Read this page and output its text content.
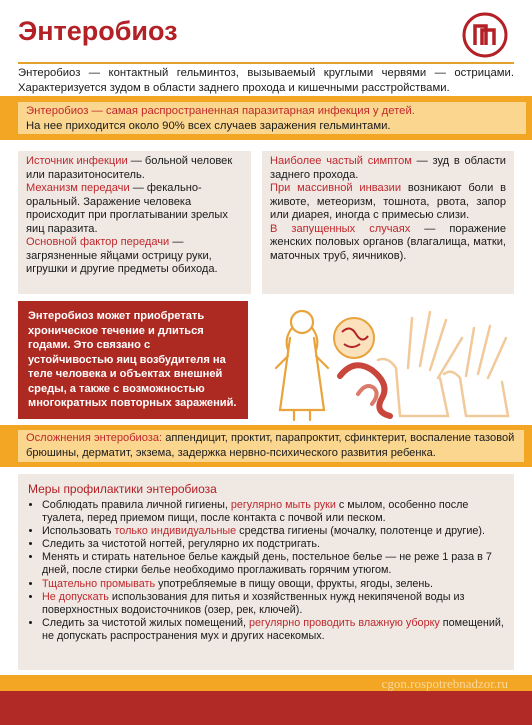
Энтеробиоз

Энтеробиоз — контактный гельминтоз, вызываемый круглыми червями — острицами. Характеризуется зудом в области заднего прохода и кишечными расстройствами.

Энтеробиоз — самая распространенная паразитарная инфекция у детей.
На нее приходится около 90% всех случаев заражения гельминтами.

Источник инфекции — больной человек или паразитоноситель.

Механизм передачи — фекально-оральный. Заражение человека происходит при проглатывании зрелых яиц паразита.

Основной фактор передачи — загрязненные яйцами острицу руки, игрушки и другие предметы обихода.

Наиболее частый симптом — зуд в области заднего прохода.

При массивной инвазии возникают боли в животе, метеоризм, тошнота, рвота, запор или диарея, иногда с примесью слизи.

В запущенных случаях — поражение женских половых органов (влагалища, матки, маточных труб, яичников).

Энтеробиоз может приобретать хроническое течение и длиться годами. Это связано с устойчивостью яиц возбудителя на теле человека и объектах внешней среды, а также с возможностью многократных повторных заражений.
Осложнения энтеробиоза: аппендицит, проктит, парапроктит, сфинктерит, воспаление тазовой брюшины, дерматит, экзема, задержка нервно-психического развития ребенка.
Меры профилактики энтеробиоза
• Соблюдать правила личной гигиены, регулярно мыть руки с мылом, особенно после туалета, перед приемом пищи, после контакта с почвой или песком.
• Использовать только индивидуальные средства гигиены (мочалку, полотенце и другие).
• Следить за чистотой ногтей, регулярно их подстригать.
• Менять и стирать нательное белье каждый день, постельное белье — не реже 1 раза в 7 дней, после стирки белье необходимо проглаживать горячим утюгом.
• Тщательно промывать употребляемые в пищу овощи, фрукты, ягоды, зелень.
• Не допускать использования для питья и хозяйственных нужд некипяченой воды из поверхностных водоисточников (озер, рек, ключей).
• Следить за чистотой жилых помещений, регулярно проводить влажную уборку помещений, не допускать распространения мух и других насекомых.
cgon.rospotrebnadzor.ru
